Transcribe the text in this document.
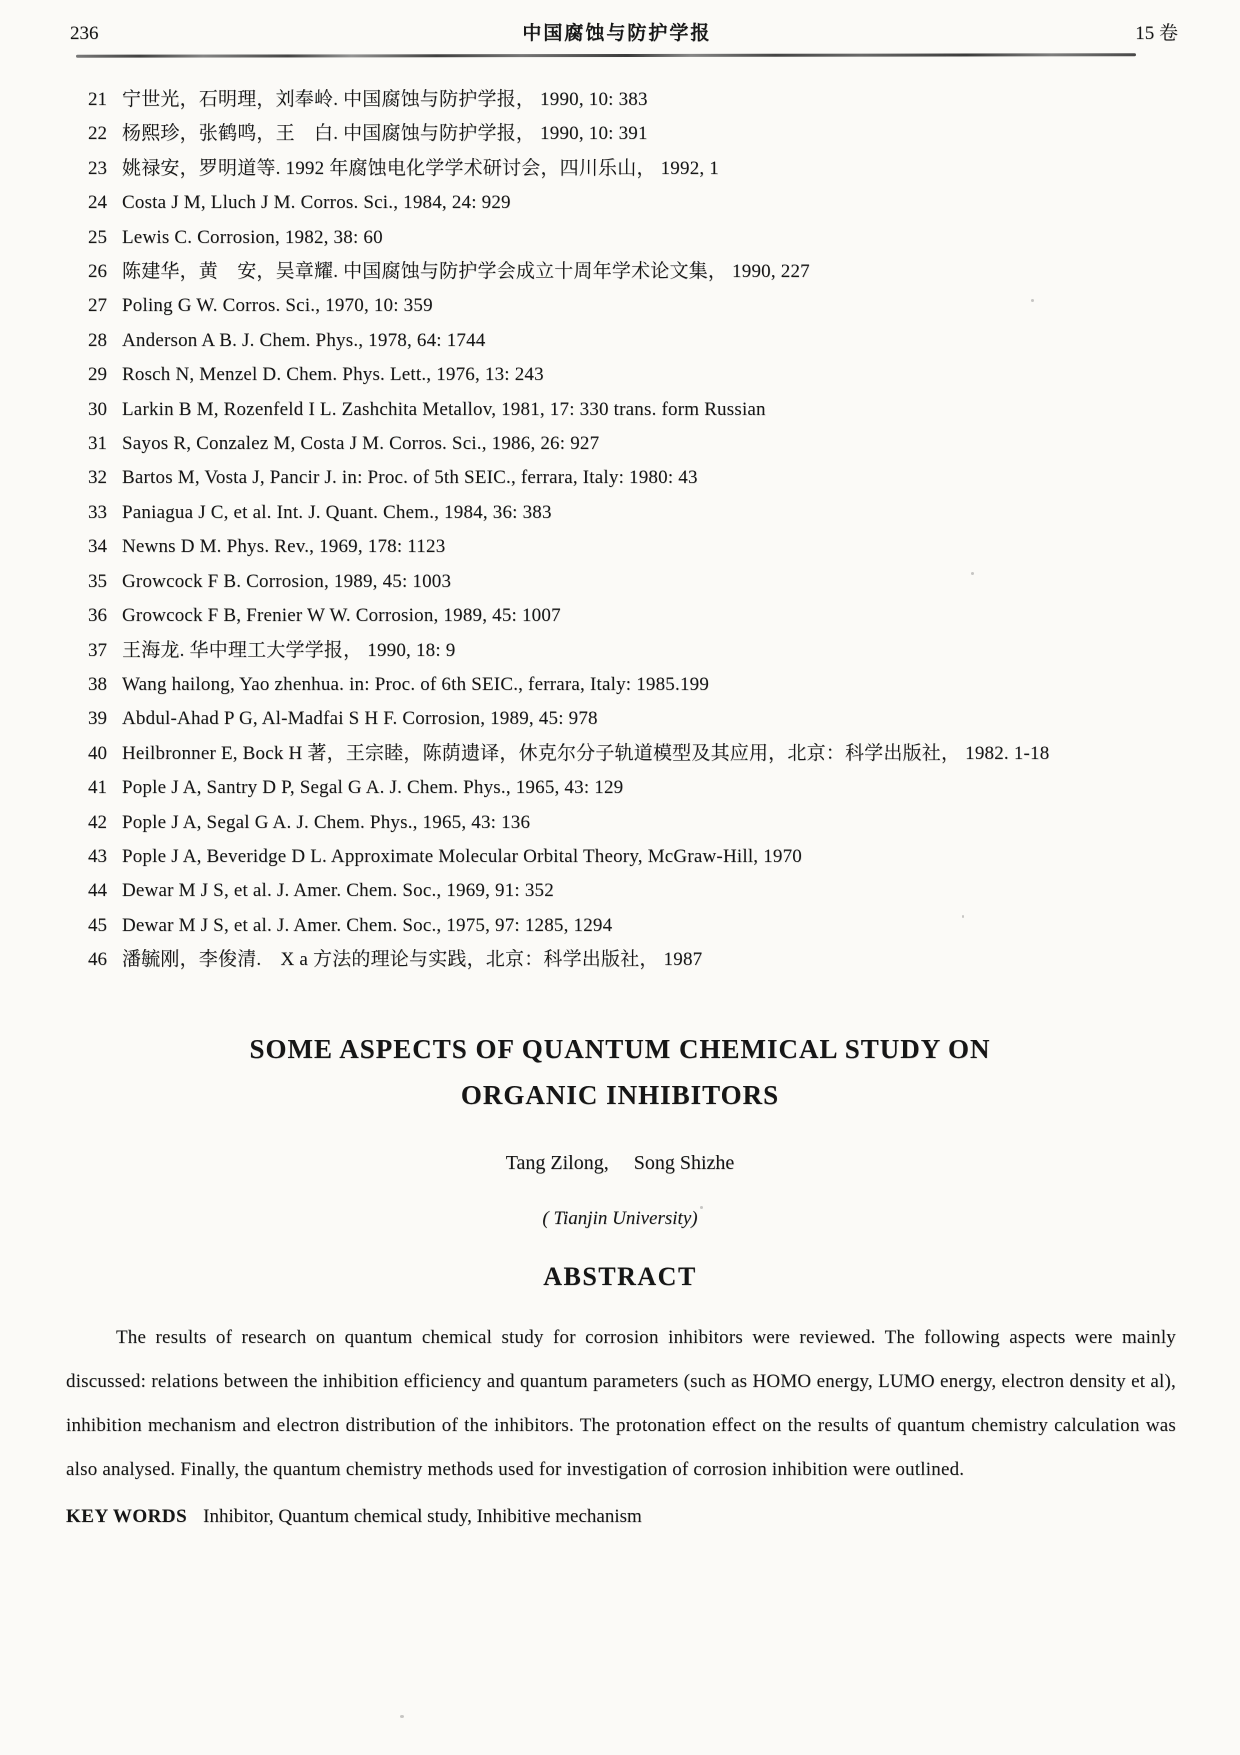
236	中国腐蚀与防护学报	15 卷
21 宁世光，石明理，刘奉岭. 中国腐蚀与防护学报， 1990, 10: 383
22 杨熙珍，张鹤鸣，王　白. 中国腐蚀与防护学报， 1990, 10: 391
23 姚禄安，罗明道等. 1992 年腐蚀电化学学术研讨会，四川乐山， 1992, 1
24 Costa J M, Lluch J M. Corros. Sci., 1984, 24: 929
25 Lewis C. Corrosion, 1982, 38: 60
26 陈建华，黄　安，吴章耀. 中国腐蚀与防护学会成立十周年学术论文集， 1990, 227
27 Poling G W. Corros. Sci., 1970, 10: 359
28 Anderson A B. J. Chem. Phys., 1978, 64: 1744
29 Rosch N, Menzel D. Chem. Phys. Lett., 1976, 13: 243
30 Larkin B M, Rozenfeld I L. Zashchita Metallov, 1981, 17: 330 trans. form Russian
31 Sayos R, Conzalez M, Costa J M. Corros. Sci., 1986, 26: 927
32 Bartos M, Vosta J, Pancir J. in: Proc. of 5th SEIC., ferrara, Italy: 1980: 43
33 Paniagua J C, et al. Int. J. Quant. Chem., 1984, 36: 383
34 Newns D M. Phys. Rev., 1969, 178: 1123
35 Growcock F B. Corrosion, 1989, 45: 1003
36 Growcock F B, Frenier W W. Corrosion, 1989, 45: 1007
37 王海龙. 华中理工大学学报， 1990, 18: 9
38 Wang hailong, Yao zhenhua. in: Proc. of 6th SEIC., ferrara, Italy: 1985.199
39 Abdul-Ahad P G, Al-Madfai S H F. Corrosion, 1989, 45: 978
40 Heilbronner E, Bock H 著，王宗睦，陈荫遗译，休克尔分子轨道模型及其应用，北京：科学出版社， 1982. 1-18
41 Pople J A, Santry D P, Segal G A. J. Chem. Phys., 1965, 43: 129
42 Pople J A, Segal G A. J. Chem. Phys., 1965, 43: 136
43 Pople J A, Beveridge D L. Approximate Molecular Orbital Theory, McGraw-Hill, 1970
44 Dewar M J S, et al. J. Amer. Chem. Soc., 1969, 91: 352
45 Dewar M J S, et al. J. Amer. Chem. Soc., 1975, 97: 1285, 1294
46 潘毓刚，李俊清.　X a 方法的理论与实践，北京：科学出版社， 1987
SOME ASPECTS OF QUANTUM CHEMICAL STUDY ON
ORGANIC INHIBITORS
Tang Zilong,　 Song Shizhe
( Tianjin University)
ABSTRACT
The results of research on quantum chemical study for corrosion inhibitors were reviewed. The following aspects were mainly discussed: relations between the inhibition efficiency and quantum parameters (such as HOMO energy, LUMO energy, electron density et al), inhibition mechanism and electron distribution of the inhibitors. The protonation effect on the results of quantum chemistry calculation was also analysed. Finally, the quantum chemistry methods used for investigation of corrosion inhibition were outlined.
KEY WORDS Inhibitor, Quantum chemical study, Inhibitive mechanism
